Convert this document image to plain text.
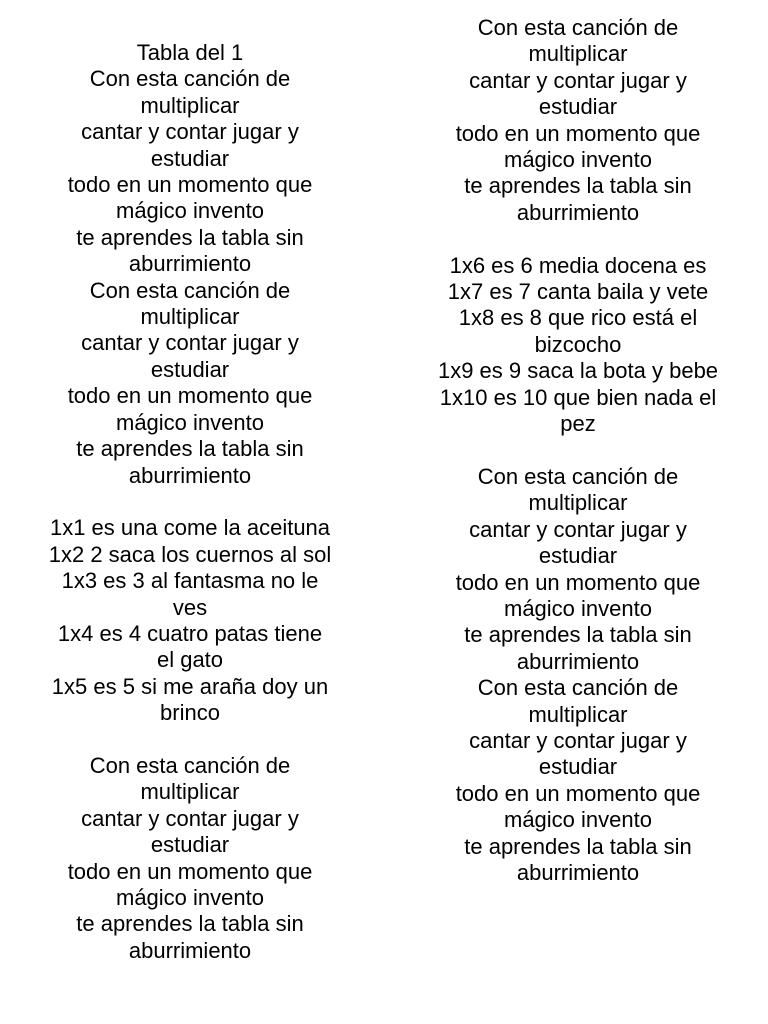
Tabla del 1
Con esta canción de
multiplicar
cantar y contar jugar y
estudiar
todo en un momento que
mágico invento
te aprendes la tabla sin
aburrimiento
Con esta canción de
multiplicar
cantar y contar jugar y
estudiar
todo en un momento que
mágico invento
te aprendes la tabla sin
aburrimiento
1x1 es una come la aceituna
1x2 2 saca los cuernos al sol
1x3 es 3 al fantasma no le
ves
1x4 es 4 cuatro patas tiene
el gato
1x5 es 5 si me araña doy un
brinco
Con esta canción de
multiplicar
cantar y contar jugar y
estudiar
todo en un momento que
mágico invento
te aprendes la tabla sin
aburrimiento
Con esta canción de
multiplicar
cantar y contar jugar y
estudiar
todo en un momento que
mágico invento
te aprendes la tabla sin
aburrimiento
1x6 es 6 media docena es
1x7 es 7 canta baila y vete
1x8 es 8 que rico está el
bizcocho
1x9 es 9 saca la bota y bebe
1x10 es 10 que bien nada el
pez
Con esta canción de
multiplicar
cantar y contar jugar y
estudiar
todo en un momento que
mágico invento
te aprendes la tabla sin
aburrimiento
Con esta canción de
multiplicar
cantar y contar jugar y
estudiar
todo en un momento que
mágico invento
te aprendes la tabla sin
aburrimiento
